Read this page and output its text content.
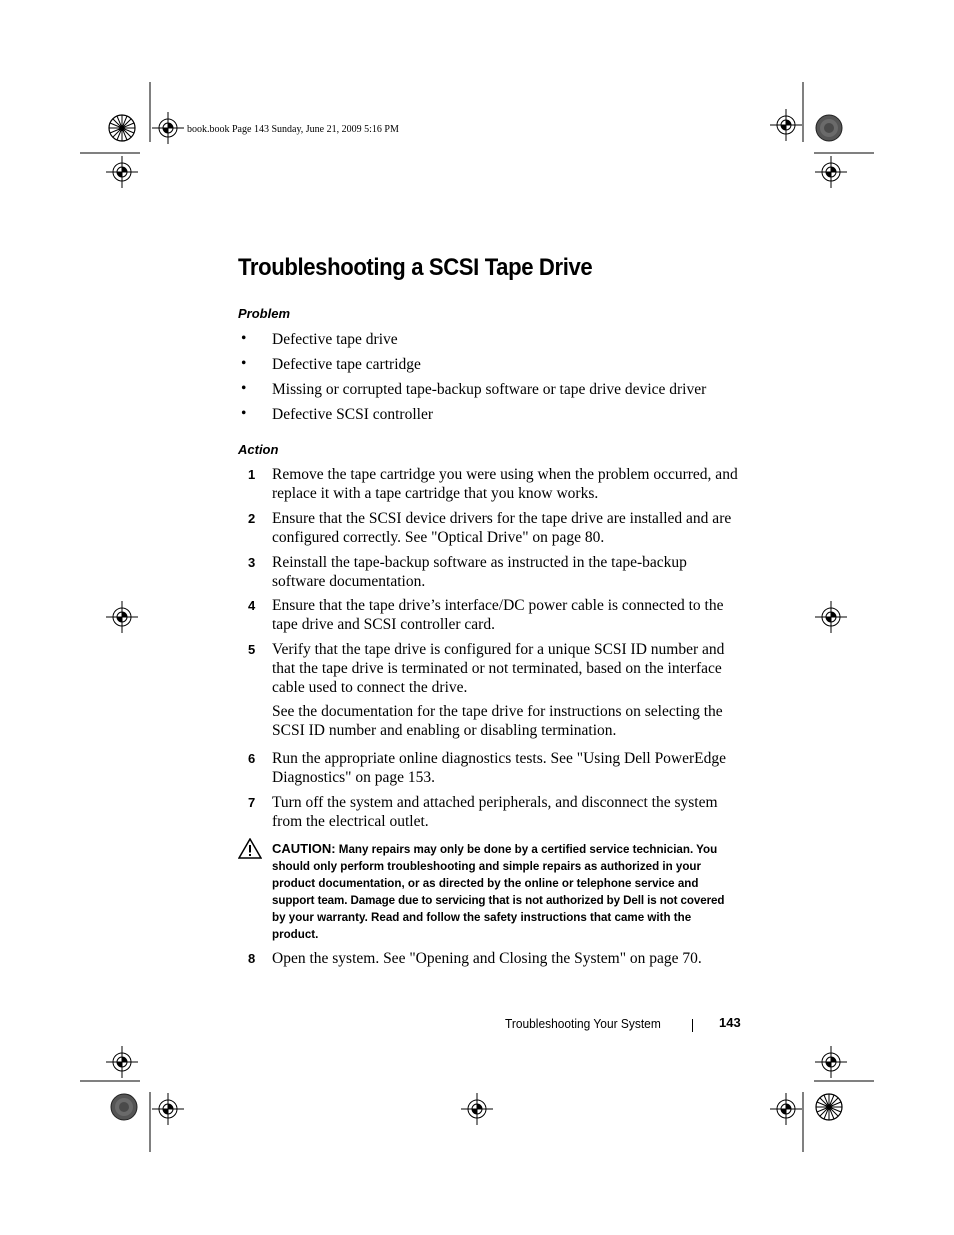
book.book Page 143 Sunday, June 21, 2009 5:16 PM
Troubleshooting a SCSI Tape Drive
Problem
• Defective tape drive
• Defective tape cartridge
• Missing or corrupted tape-backup software or tape drive device driver
• Defective SCSI controller
Action
1 Remove the tape cartridge you were using when the problem occurred, and
replace it with a tape cartridge that you know works.
2 Ensure that the SCSI device drivers for the tape drive are installed and are
configured correctly. See "Optical Drive" on page 80.
3 Reinstall the tape-backup software as instructed in the tape-backup
software documentation.
4 Ensure that the tape drive’s interface/DC power cable is connected to the
tape drive and SCSI controller card.
5 Verify that the tape drive is configured for a unique SCSI ID number and
that the tape drive is terminated or not terminated, based on the interface
cable used to connect the drive.
See the documentation for the tape drive for instructions on selecting the
SCSI ID number and enabling or disabling termination.
6 Run the appropriate online diagnostics tests. See "Using Dell PowerEdge
Diagnostics" on page 153.
7 Turn off the system and attached peripherals, and disconnect the system
from the electrical outlet.
CAUTION: Many repairs may only be done by a certified service technician. You
should only perform troubleshooting and simple repairs as authorized in your
product documentation, or as directed by the online or telephone service and
support team. Damage due to servicing that is not authorized by Dell is not covered
by your warranty. Read and follow the safety instructions that came with the
product.
8 Open the system. See "Opening and Closing the System" on page 70.
Troubleshooting Your System	143
